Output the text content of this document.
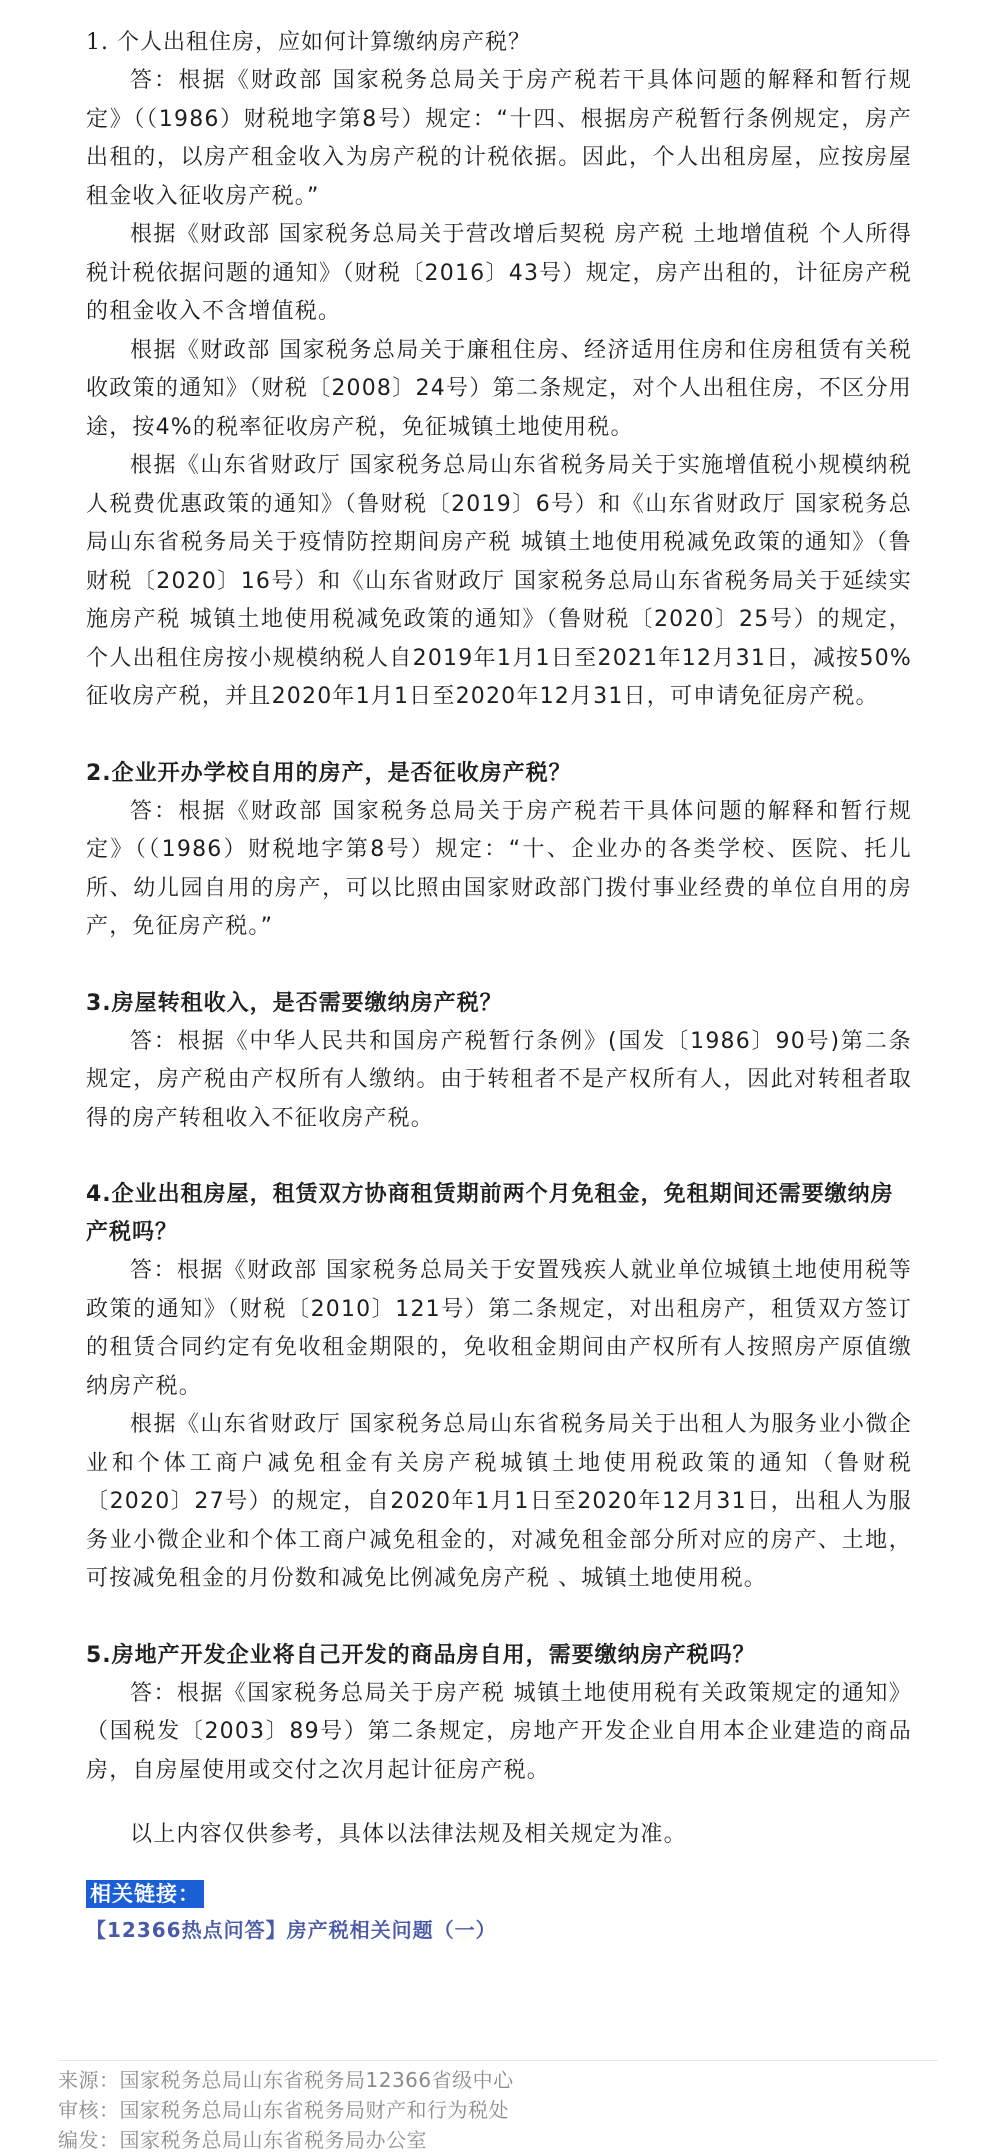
1. 个人出租住房，应如何计算缴纳房产税？

答：根据《财政部 国家税务总局关于房产税若干具体问题的解释和暂行规定》（（1986）财税地字第8号）规定：“十四、根据房产税暂行条例规定，房产出租的，以房产租金收入为房产税的计税依据。因此，个人出租房屋，应按房屋租金收入征收房产税。”

根据《财政部 国家税务总局关于营改增后契税 房产税 土地增值税 个人所得税计税依据问题的通知》（财税〔2016〕43号）规定，房产出租的，计征房产税的租金收入不含增值税。

根据《财政部 国家税务总局关于廉租住房、经济适用住房和住房租赁有关税收政策的通知》（财税〔2008〕24号）第二条规定，对个人出租住房，不区分用途，按4%的税率征收房产税，免征城镇土地使用税。

根据《山东省财政厅 国家税务总局山东省税务局关于实施增值税小规模纳税人税费优惠政策的通知》（鲁财税〔2019〕6号）和《山东省财政厅 国家税务总局山东省税务局关于疫情防控期间房产税 城镇土地使用税减免政策的通知》（鲁财税〔2020〕16号）和《山东省财政厅 国家税务总局山东省税务局关于延续实施房产税 城镇土地使用税减免政策的通知》（鲁财税〔2020〕25号）的规定，个人出租住房按小规模纳税人自2019年1月1日至2021年12月31日，减按50%征收房产税，并且2020年1月1日至2020年12月31日，可申请免征房产税。

2.企业开办学校自用的房产，是否征收房产税？

答：根据《财政部 国家税务总局关于房产税若干具体问题的解释和暂行规定》（（1986）财税地字第8号）规定：“十、企业办的各类学校、医院、托儿所、幼儿园自用的房产，可以比照由国家财政部门拨付事业经费的单位自用的房产，免征房产税。”

3.房屋转租收入，是否需要缴纳房产税？

答：根据《中华人民共和国房产税暂行条例》(国发〔1986〕90号)第二条规定，房产税由产权所有人缴纳。由于转租者不是产权所有人，因此对转租者取得的房产转租收入不征收房产税。

4.企业出租房屋，租赁双方协商租赁期前两个月免租金，免租期间还需要缴纳房产税吗？

答：根据《财政部 国家税务总局关于安置残疾人就业单位城镇土地使用税等政策的通知》（财税〔2010〕121号）第二条规定，对出租房产，租赁双方签订的租赁合同约定有免收租金期限的，免收租金期间由产权所有人按照房产原值缴纳房产税。

根据《山东省财政厅 国家税务总局山东省税务局关于出租人为服务业小微企业和个体工商户减免租金有关房产税城镇土地使用税政策的通知（鲁财税〔2020〕27号）的规定，自2020年1月1日至2020年12月31日，出租人为服务业小微企业和个体工商户减免租金的，对减免租金部分所对应的房产、土地，可按减免租金的月份数和减免比例减免房产税 、城镇土地使用税。

5.房地产开发企业将自己开发的商品房自用，需要缴纳房产税吗？

答：根据《国家税务总局关于房产税 城镇土地使用税有关政策规定的通知》（国税发〔2003〕89号）第二条规定，房地产开发企业自用本企业建造的商品房，自房屋使用或交付之次月起计征房产税。

以上内容仅供参考，具体以法律法规及相关规定为准。

相关链接：
【12366热点问答】房产税相关问题（一）

来源：国家税务总局山东省税务局12366省级中心

审核：国家税务总局山东省税务局财产和行为税处

编发：国家税务总局山东省税务局办公室
